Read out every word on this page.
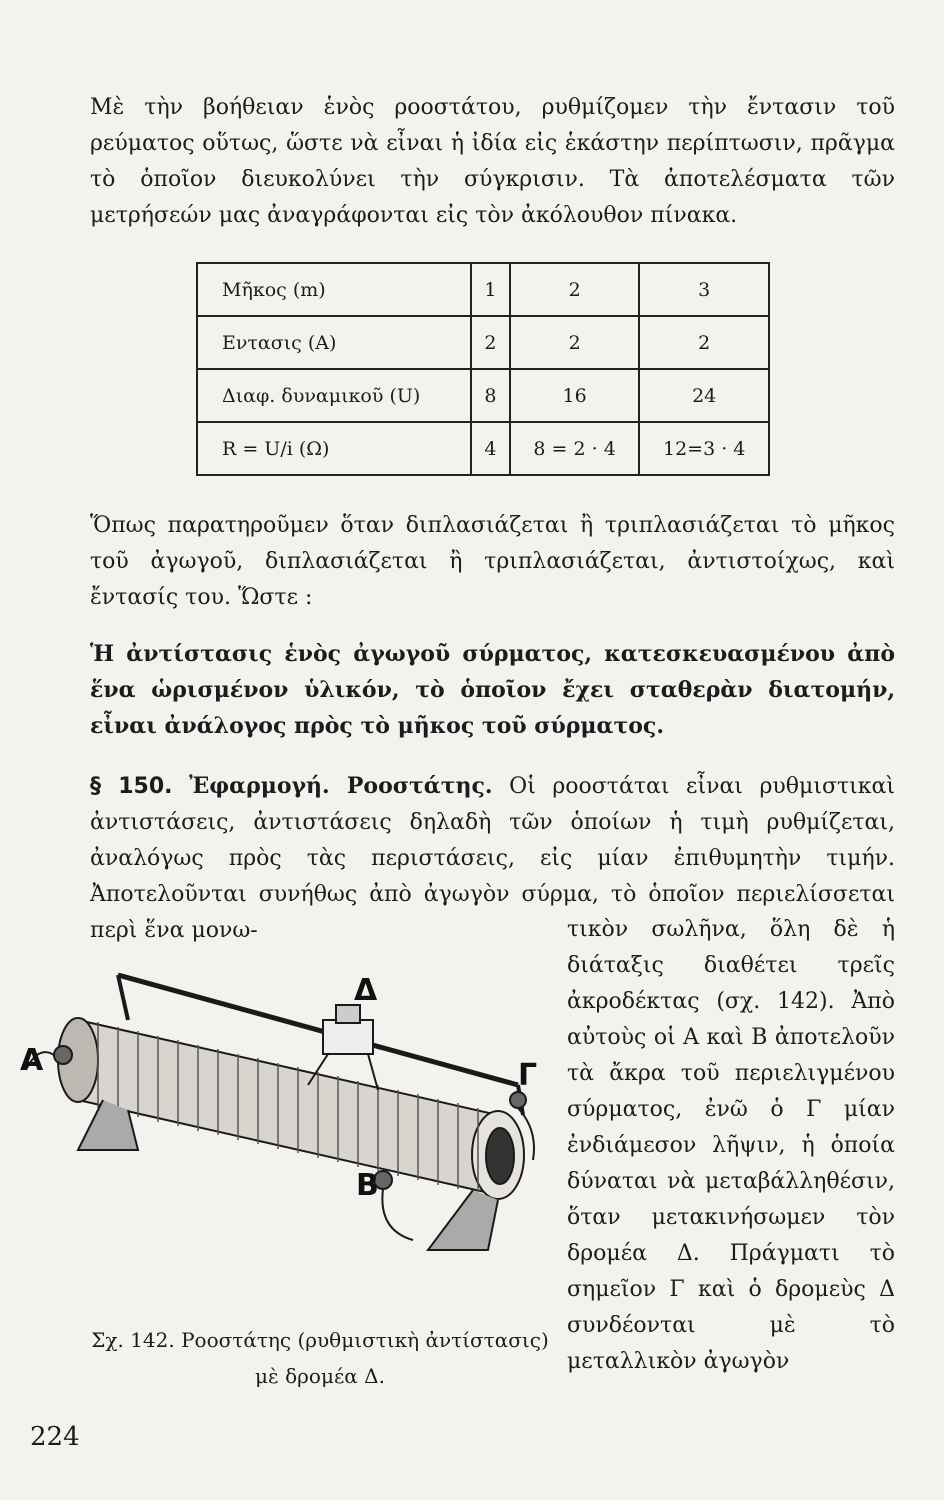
Μὲ τὴν βοήθειαν ἑνὸς ροοστάτου, ρυθμίζομεν τὴν ἔντασιν τοῦ ρεύματος οὕτως, ὥστε νὰ εἶναι ἡ ἰδία εἰς ἑκάστην περίπτωσιν, πρᾶγμα τὸ ὁποῖον διευκολύνει τὴν σύγκρισιν. Τὰ ἀποτελέσματα τῶν μετρήσεών μας ἀναγράφονται εἰς τὸν ἀκόλουθον πίνακα.

Μῆκος (m)	1	2	3
Εντασις (A)	2	2	2
Διαφ. δυναμικοῦ (U)	8	16	24
R = U/i (Ω)	4	8 = 2 · 4	12=3 · 4

Ὅπως παρατηροῦμεν ὅταν διπλασιάζεται ἢ τριπλασιάζεται τὸ μῆκος τοῦ ἀγωγοῦ, διπλασιάζεται ἢ τριπλασιάζεται, ἀντιστοίχως, καὶ ἔντασίς του. Ὥστε :

Ἡ ἀντίστασις ἑνὸς ἀγωγοῦ σύρματος, κατεσκευασμένου ἀπὸ ἕνα ὡρισμένον ὑλικόν, τὸ ὁποῖον ἔχει σταθερὰν διατομήν, εἶναι ἀνάλογος πρὸς τὸ μῆκος τοῦ σύρματος.

§ 150. Ἐφαρμογή. Ροοστάτης. Οἱ ροοστάται εἶναι ρυθμιστικαὶ ἀντιστάσεις, ἀντιστάσεις δηλαδὴ τῶν ὁποίων ἡ τιμὴ ρυθμίζεται, ἀναλόγως πρὸς τὰς περιστάσεις, εἰς μίαν ἐπιθυμητὴν τιμήν. Ἀποτελοῦνται συνήθως ἀπὸ ἀγωγὸν σύρμα, τὸ ὁποῖον περιελίσσεται περὶ ἕνα μονω-	τικὸν σωλῆνα, ὅλη δὲ ἡ διάταξις διαθέτει τρεῖς ἀκροδέκτας (σχ. 142). Ἀπὸ αὐτοὺς οἱ Α καὶ Β ἀποτελοῦν τὰ ἄκρα τοῦ περιελιγμένου σύρματος, ἐνῶ ὁ Γ μίαν ἐνδιάμεσον λῆψιν, ἡ ὁποία δύναται νὰ μεταβάλληθέσιν, ὅταν μετακινήσωμεν τὸν δρομέα Δ. Πράγματι τὸ σημεῖον Γ καὶ ὁ δρομεὺς Δ συνδέονται μὲ τὸ μεταλλικὸν ἀγωγὸν

Α
Β
Γ
Δ

Σχ. 142. Ροοστάτης (ρυθμιστικὴ ἀντίστασις) μὲ δρομέα Δ.

224
